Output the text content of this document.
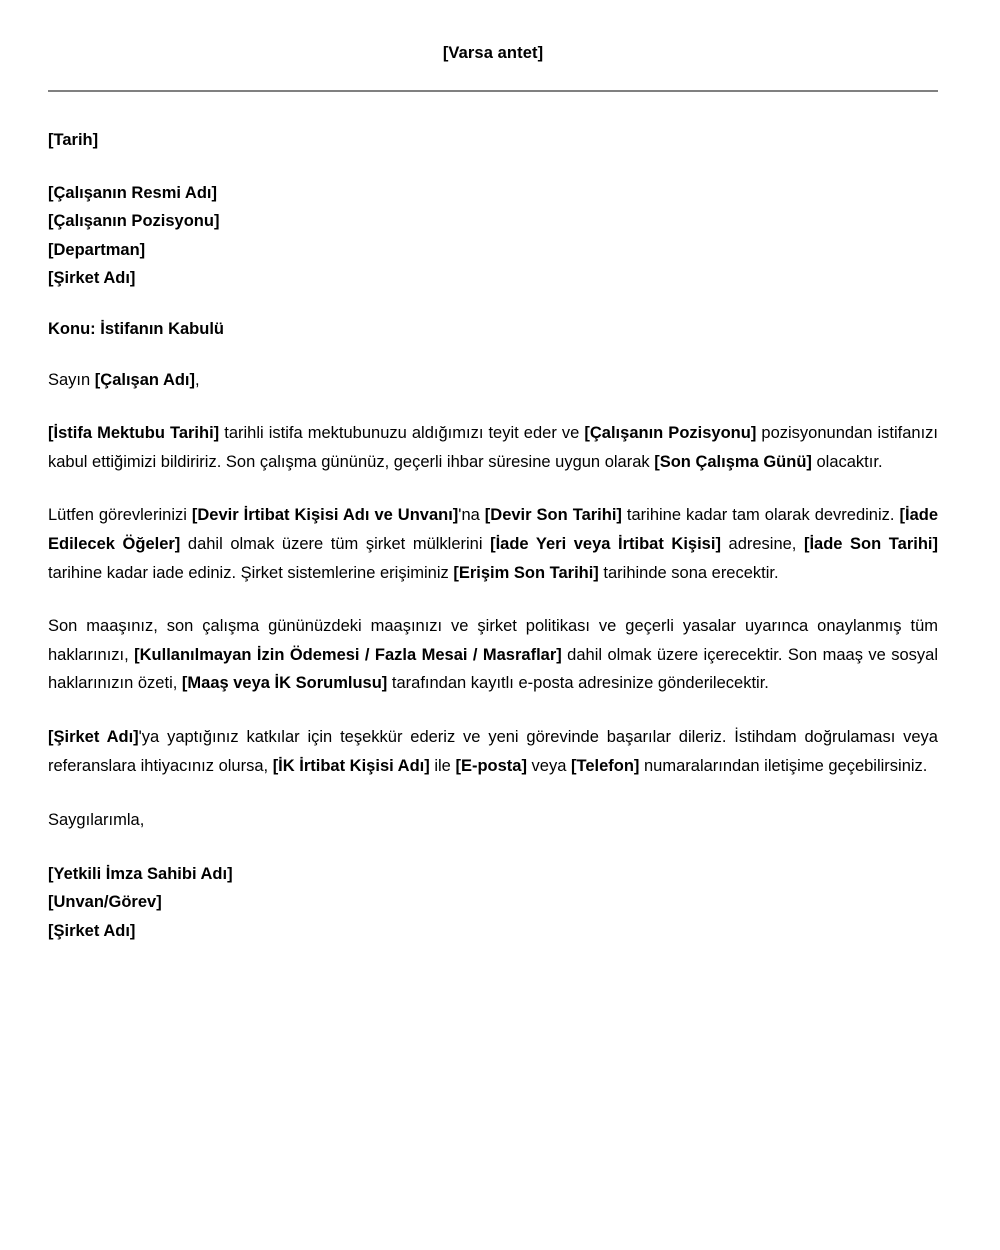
[Varsa antet]
[Tarih]
[Çalışanın Resmi Adı]
[Çalışanın Pozisyonu]
[Departman]
[Şirket Adı]
Konu: İstifanın Kabulü
Sayın [Çalışan Adı],
[İstifa Mektubu Tarihi] tarihli istifa mektubunuzu aldığımızı teyit eder ve [Çalışanın Pozisyonu] pozisyonundan istifanızı kabul ettiğimizi bildiririz. Son çalışma gününüz, geçerli ihbar süresine uygun olarak [Son Çalışma Günü] olacaktır.
Lütfen görevlerinizi [Devir İrtibat Kişisi Adı ve Unvanı]'na [Devir Son Tarihi] tarihine kadar tam olarak devrediniz. [İade Edilecek Öğeler] dahil olmak üzere tüm şirket mülklerini [İade Yeri veya İrtibat Kişisi] adresine, [İade Son Tarihi] tarihine kadar iade ediniz. Şirket sistemlerine erişiminiz [Erişim Son Tarihi] tarihinde sona erecektir.
Son maaşınız, son çalışma gününüzdeki maaşınızı ve şirket politikası ve geçerli yasalar uyarınca onaylanmış tüm haklarınızı, [Kullanılmayan İzin Ödemesi / Fazla Mesai / Masraflar] dahil olmak üzere içerecektir. Son maaş ve sosyal haklarınızın özeti, [Maaş veya İK Sorumlusu] tarafından kayıtlı e-posta adresinize gönderilecektir.
[Şirket Adı]'ya yaptığınız katkılar için teşekkür ederiz ve yeni görevinde başarılar dileriz. İstihdam doğrulaması veya referanslara ihtiyacınız olursa, [İK İrtibat Kişisi Adı] ile [E-posta] veya [Telefon] numaralarından iletişime geçebilirsiniz.
Saygılarımla,
[Yetkili İmza Sahibi Adı]
[Unvan/Görev]
[Şirket Adı]
